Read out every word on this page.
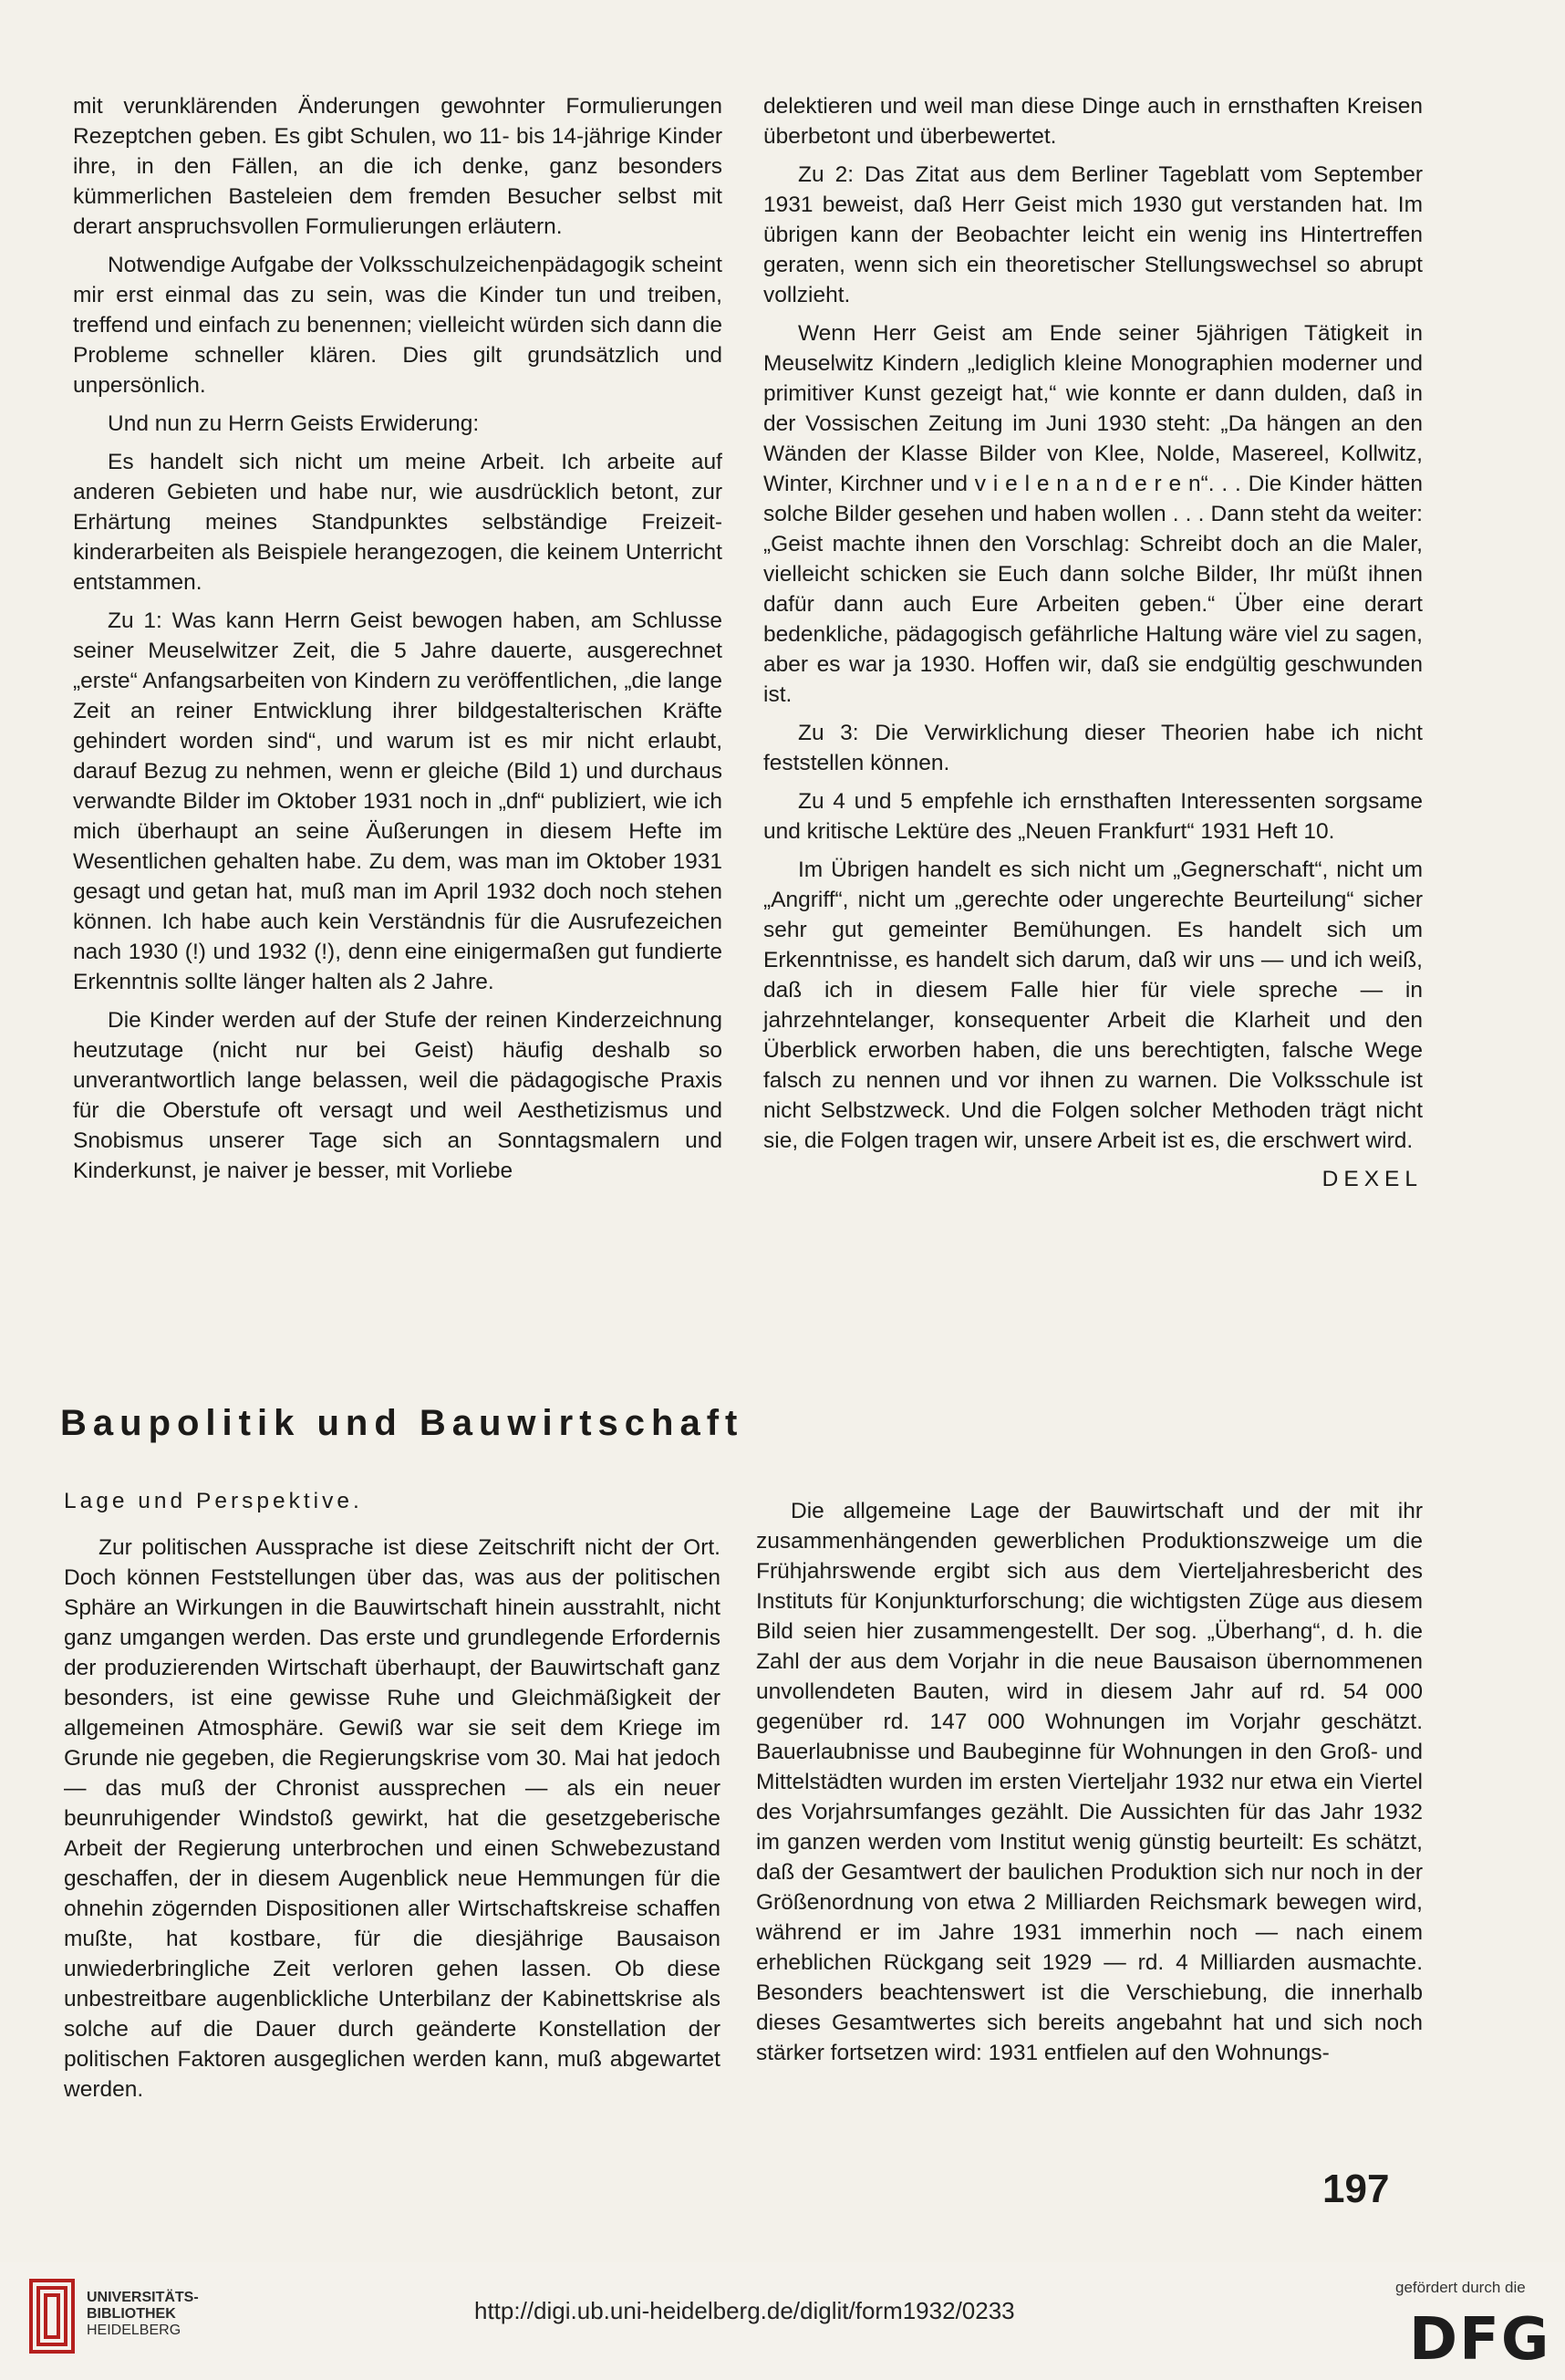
mit verunklärenden Änderungen gewohnter Formulierungen Rezeptchen geben. Es gibt Schulen, wo 11- bis 14-jährige Kinder ihre, in den Fällen, an die ich denke, ganz besonders kümmerlichen Basteleien dem fremden Besucher selbst mit derart anspruchsvollen Formulierungen erläutern.

Notwendige Aufgabe der Volksschulzeichenpädagogik scheint mir erst einmal das zu sein, was die Kinder tun und treiben, treffend und einfach zu benennen; vielleicht würden sich dann die Probleme schneller klären. Dies gilt grundsätzlich und unpersönlich.

Und nun zu Herrn Geists Erwiderung:

Es handelt sich nicht um meine Arbeit. Ich arbeite auf anderen Gebieten und habe nur, wie ausdrücklich betont, zur Erhärtung meines Standpunktes selbständige Freizeitkinderarbeiten als Beispiele herangezogen, die keinem Unterricht entstammen.

Zu 1: Was kann Herrn Geist bewogen haben, am Schlusse seiner Meuselwitzer Zeit, die 5 Jahre dauerte, ausgerechnet „erste“ Anfangsarbeiten von Kindern zu veröffentlichen, „die lange Zeit an reiner Entwicklung ihrer bildgestalterischen Kräfte gehindert worden sind“, und warum ist es mir nicht erlaubt, darauf Bezug zu nehmen, wenn er gleiche (Bild 1) und durchaus verwandte Bilder im Oktober 1931 noch in „dnf“ publiziert, wie ich mich überhaupt an seine Äußerungen in diesem Hefte im Wesentlichen gehalten habe. Zu dem, was man im Oktober 1931 gesagt und getan hat, muß man im April 1932 doch noch stehen können. Ich habe auch kein Verständnis für die Ausrufezeichen nach 1930 (!) und 1932 (!), denn eine einigermaßen gut fundierte Erkenntnis sollte länger halten als 2 Jahre.

Die Kinder werden auf der Stufe der reinen Kinderzeichnung heutzutage (nicht nur bei Geist) häufig deshalb so unverantwortlich lange belassen, weil die pädagogische Praxis für die Oberstufe oft versagt und weil Aesthetizismus und Snobismus unserer Tage sich an Sonntagsmalern und Kinderkunst, je naiver je besser, mit Vorliebe

delektieren und weil man diese Dinge auch in ernsthaften Kreisen überbetont und überbewertet.

Zu 2: Das Zitat aus dem Berliner Tageblatt vom September 1931 beweist, daß Herr Geist mich 1930 gut verstanden hat. Im übrigen kann der Beobachter leicht ein wenig ins Hintertreffen geraten, wenn sich ein theoretischer Stellungswechsel so abrupt vollzieht.

Wenn Herr Geist am Ende seiner 5jährigen Tätigkeit in Meuselwitz Kindern „lediglich kleine Monographien moderner und primitiver Kunst gezeigt hat,“ wie konnte er dann dulden, daß in der Vossischen Zeitung im Juni 1930 steht: „Da hängen an den Wänden der Klasse Bilder von Klee, Nolde, Masereel, Kollwitz, Winter, Kirchner und v i e l e n a n d e r e n“. . . Die Kinder hätten solche Bilder gesehen und haben wollen . . . Dann steht da weiter: „Geist machte ihnen den Vorschlag: Schreibt doch an die Maler, vielleicht schicken sie Euch dann solche Bilder, Ihr müßt ihnen dafür dann auch Eure Arbeiten geben.“ Über eine derart bedenkliche, pädagogisch gefährliche Haltung wäre viel zu sagen, aber es war ja 1930. Hoffen wir, daß sie endgültig geschwunden ist.

Zu 3: Die Verwirklichung dieser Theorien habe ich nicht feststellen können.

Zu 4 und 5 empfehle ich ernsthaften Interessenten sorgsame und kritische Lektüre des „Neuen Frankfurt“ 1931 Heft 10.

Im Übrigen handelt es sich nicht um „Gegnerschaft“, nicht um „Angriff“, nicht um „gerechte oder ungerechte Beurteilung“ sicher sehr gut gemeinter Bemühungen. Es handelt sich um Erkenntnisse, es handelt sich darum, daß wir uns — und ich weiß, daß ich in diesem Falle hier für viele spreche — in jahrzehntelanger, konsequenter Arbeit die Klarheit und den Überblick erworben haben, die uns berechtigten, falsche Wege falsch zu nennen und vor ihnen zu warnen. Die Volksschule ist nicht Selbstzweck. Und die Folgen solcher Methoden trägt nicht sie, die Folgen tragen wir, unsere Arbeit ist es, die erschwert wird.

DEXEL

Baupolitik und Bauwirtschaft
Lage und Perspektive.

Zur politischen Aussprache ist diese Zeitschrift nicht der Ort. Doch können Feststellungen über das, was aus der politischen Sphäre an Wirkungen in die Bauwirtschaft hinein ausstrahlt, nicht ganz umgangen werden. Das erste und grundlegende Erfordernis der produzierenden Wirtschaft überhaupt, der Bauwirtschaft ganz besonders, ist eine gewisse Ruhe und Gleichmäßigkeit der allgemeinen Atmosphäre. Gewiß war sie seit dem Kriege im Grunde nie gegeben, die Regierungskrise vom 30. Mai hat jedoch — das muß der Chronist aussprechen — als ein neuer beunruhigender Windstoß gewirkt, hat die gesetzgeberische Arbeit der Regierung unterbrochen und einen Schwebezustand geschaffen, der in diesem Augenblick neue Hemmungen für die ohnehin zögernden Dispositionen aller Wirtschaftskreise schaffen mußte, hat kostbare, für die diesjährige Bausaison unwiederbringliche Zeit verloren gehen lassen. Ob diese unbestreitbare augenblickliche Unterbilanz der Kabinettskrise als solche auf die Dauer durch geänderte Konstellation der politischen Faktoren ausgeglichen werden kann, muß abgewartet werden.

Die allgemeine Lage der Bauwirtschaft und der mit ihr zusammenhängenden gewerblichen Produktionszweige um die Frühjahrswende ergibt sich aus dem Vierteljahresbericht des Instituts für Konjunkturforschung; die wichtigsten Züge aus diesem Bild seien hier zusammengestellt. Der sog. „Überhang“, d. h. die Zahl der aus dem Vorjahr in die neue Bausaison übernommenen unvollendeten Bauten, wird in diesem Jahr auf rd. 54 000 gegenüber rd. 147 000 Wohnungen im Vorjahr geschätzt. Bauerlaubnisse und Baubeginne für Wohnungen in den Groß- und Mittelstädten wurden im ersten Vierteljahr 1932 nur etwa ein Viertel des Vorjahrsumfanges gezählt. Die Aussichten für das Jahr 1932 im ganzen werden vom Institut wenig günstig beurteilt: Es schätzt, daß der Gesamtwert der baulichen Produktion sich nur noch in der Größenordnung von etwa 2 Milliarden Reichsmark bewegen wird, während er im Jahre 1931 immerhin noch — nach einem erheblichen Rückgang seit 1929 — rd. 4 Milliarden ausmachte. Besonders beachtenswert ist die Verschiebung, die innerhalb dieses Gesamtwertes sich bereits angebahnt hat und sich noch stärker fortsetzen wird: 1931 entfielen auf den Wohnungs-

197
UNIVERSITÄTS-
BIBLIOTHEK
HEIDELBERG
http://digi.ub.uni-heidelberg.de/diglit/form1932/0233
gefördert durch die
DFG
